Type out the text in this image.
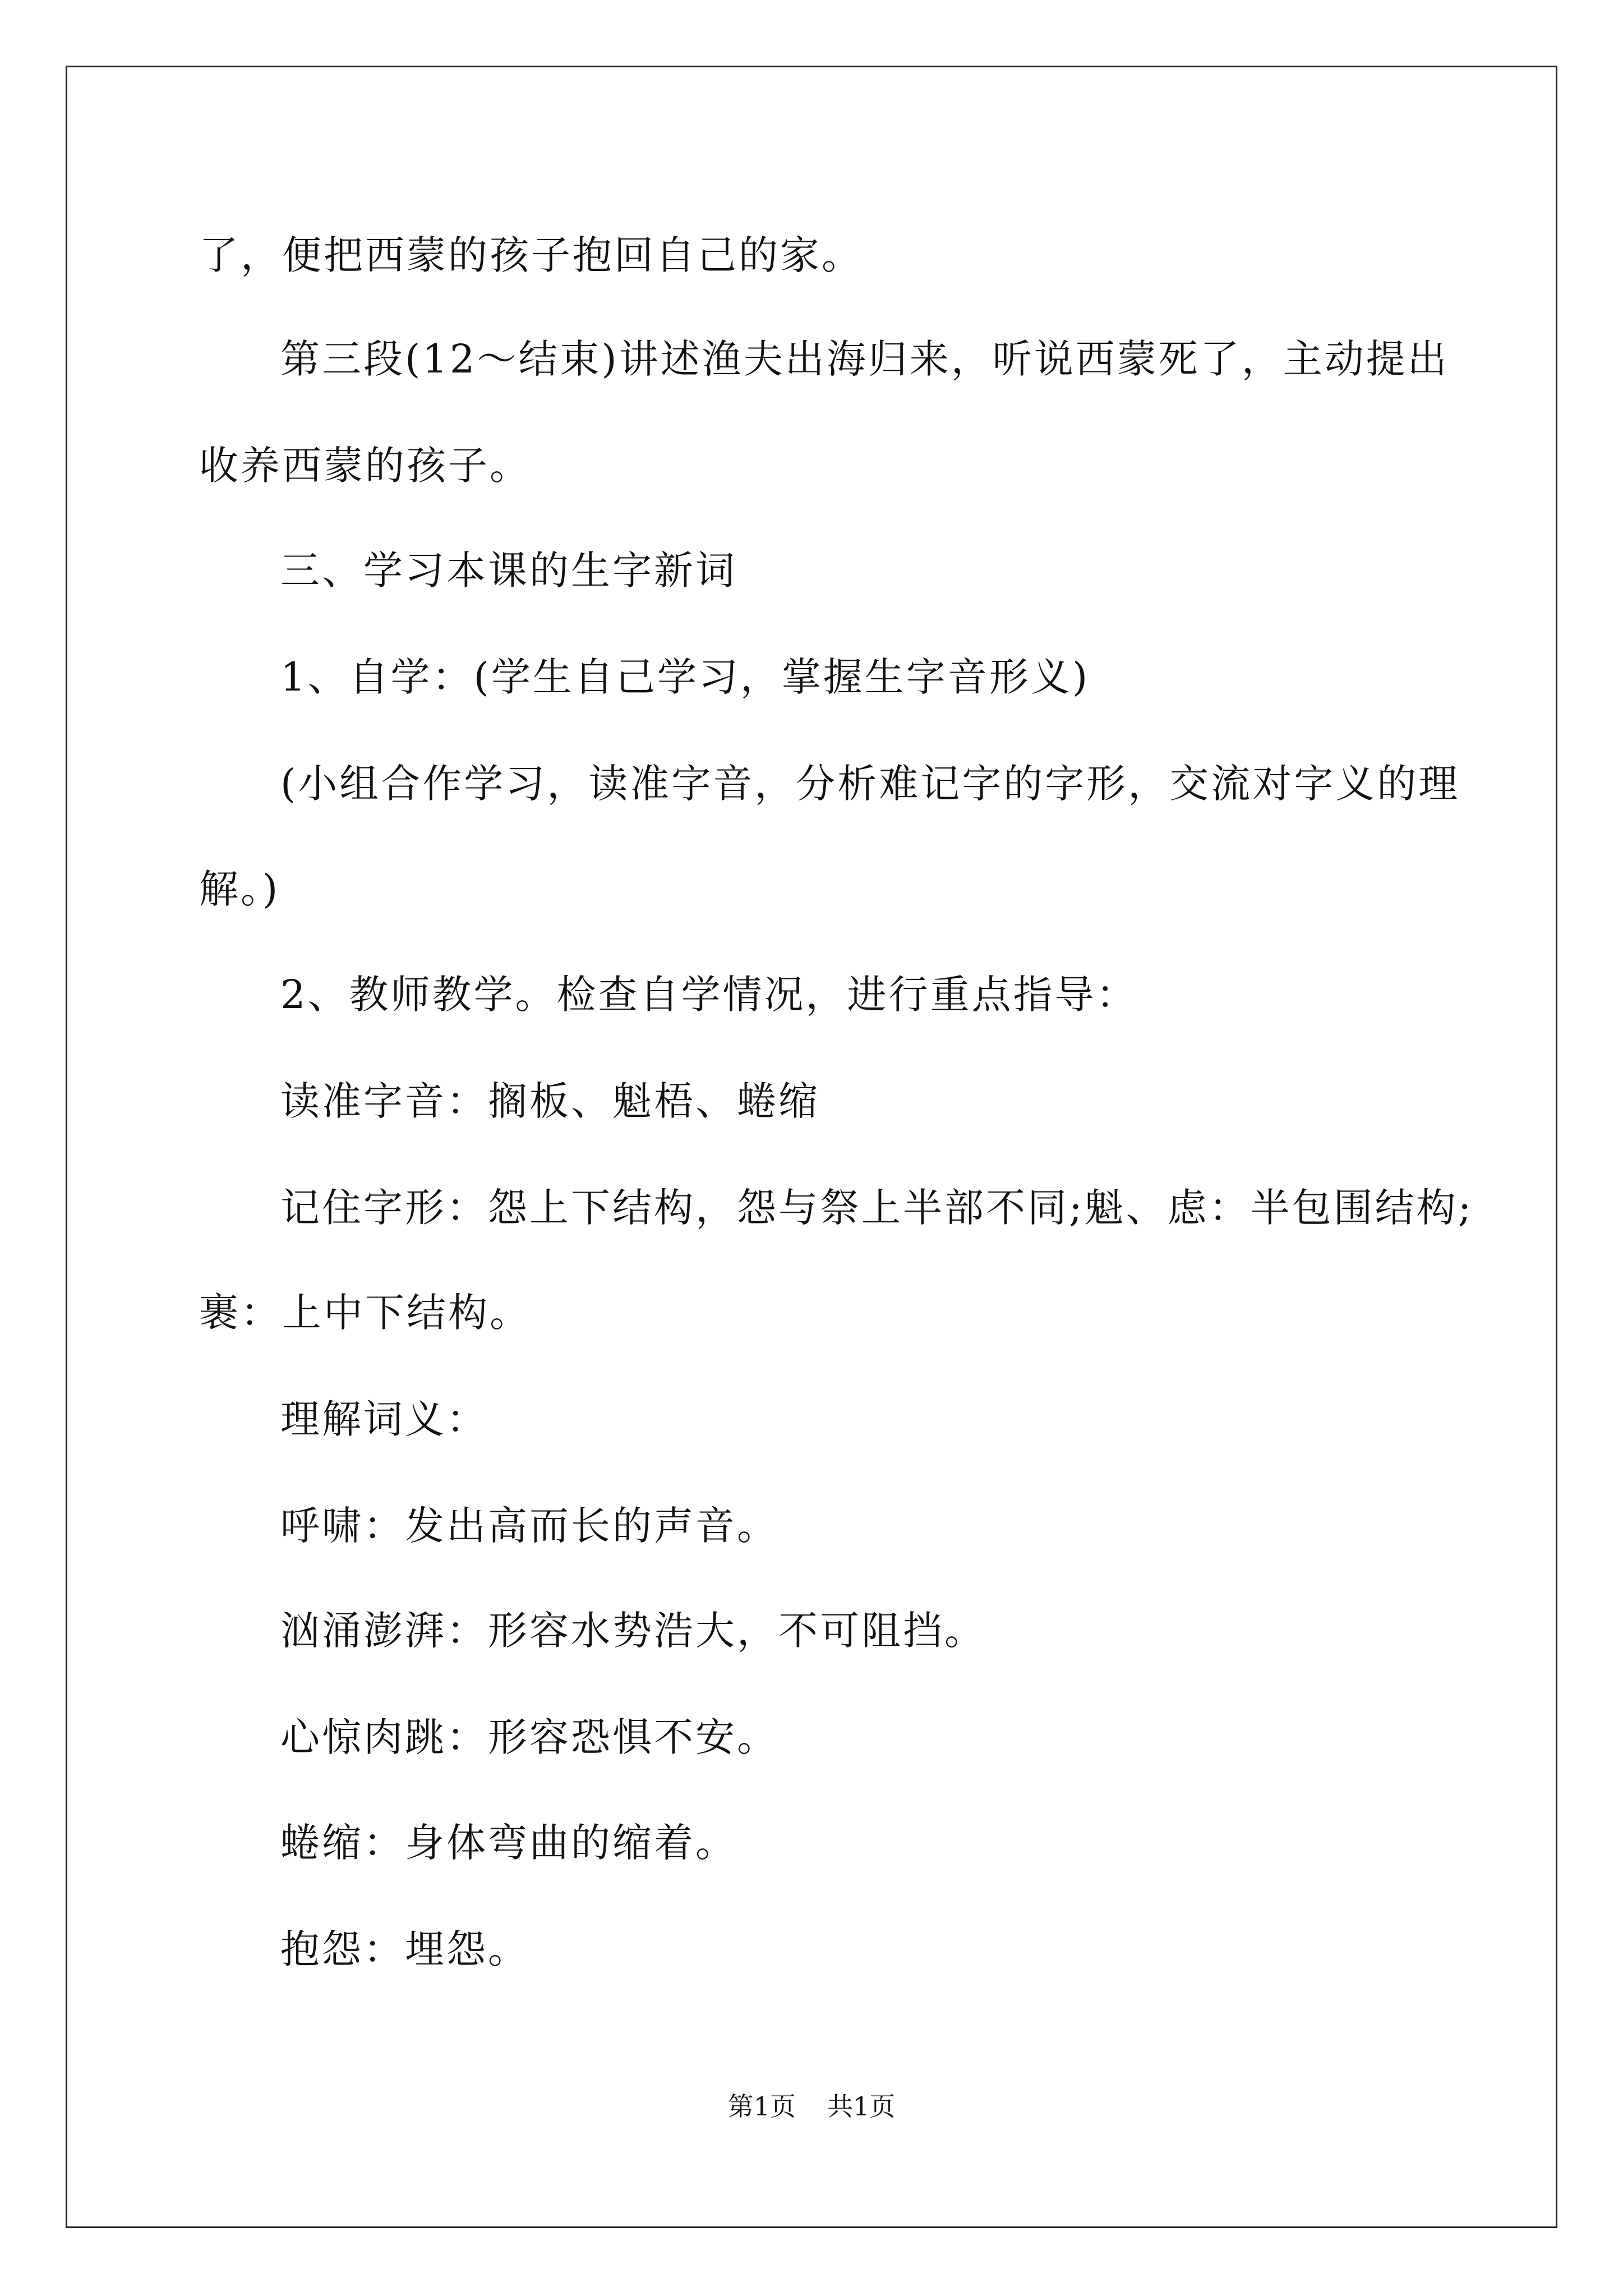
了，便把西蒙的孩子抱回自己的家。
第三段(12～结束)讲述渔夫出海归来，听说西蒙死了，主动提出
收养西蒙的孩子。
三、学习本课的生字新词
1、自学：(学生自己学习，掌握生字音形义)
(小组合作学习，读准字音，分析难记字的字形，交流对字义的理
解。)
2、教师教学。检查自学情况，进行重点指导：
读准字音：搁板、魁梧、蜷缩
记住字形：怨上下结构，怨与祭上半部不同;魁、虑：半包围结构;
裹：上中下结构。
理解词义：
呼啸：发出高而长的声音。
汹涌澎湃：形容水势浩大，不可阻挡。
心惊肉跳：形容恐惧不安。
蜷缩：身体弯曲的缩着。
抱怨：埋怨。
第1页 共1页
